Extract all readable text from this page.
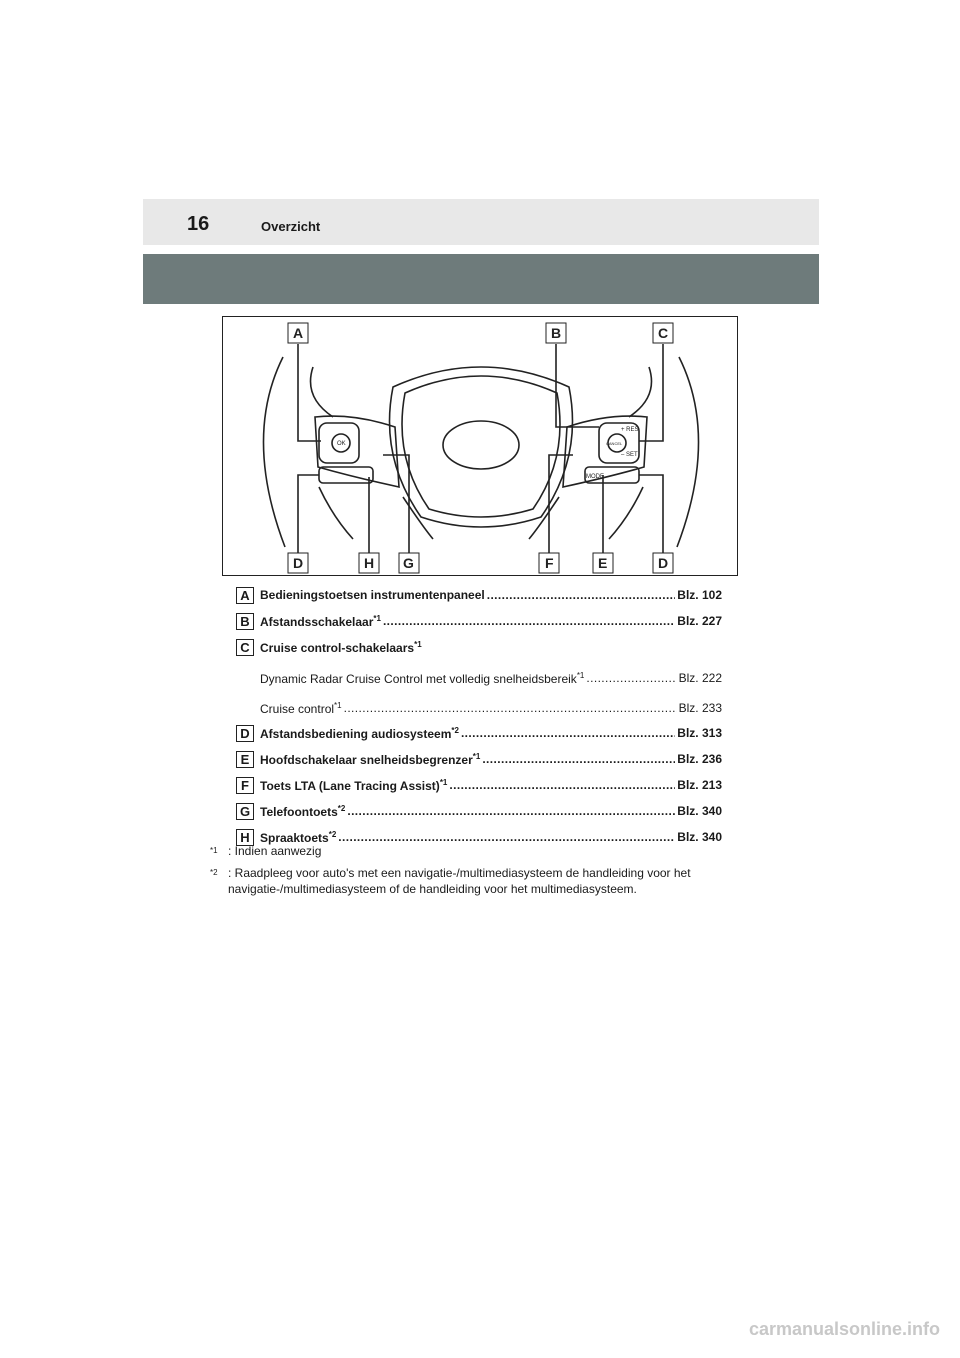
16	Overzicht
OK
MODE
+ RES
– SET
CANCEL
A	B	C
D	H G	F	E	D
A Bedieningstoetsen instrumentenpaneel .....	Blz. 102
B Afstandsschakelaar$^{*1}$ .....	Blz. 227
C Cruise control-schakelaars$^{*1}$
Dynamic Radar Cruise Control met volledig snelheidsbereik$^{*1}$ .....	Blz. 222
Cruise control$^{*1}$ .....	Blz. 233
D Afstandsbediening audiosysteem$^{*2}$ .....	Blz. 313
E Hoofdschakelaar snelheidsbegrenzer$^{*1}$ .....	Blz. 236
F Toets LTA (Lane Tracing Assist)$^{*1}$ .....	Blz. 213
G Telefoontoets$^{*2}$ .....	Blz. 340
H Spraaktoets$^{*2}$ .....	Blz. 340
$^{*1}$ : Indien aanwezig
$^{*2}$ : Raadpleeg voor auto's met een navigatie-/multimediasysteem de handleiding voor het navigatie-/multimediasysteem of de handleiding voor het multimediasysteem.
carmanualsonline.info
